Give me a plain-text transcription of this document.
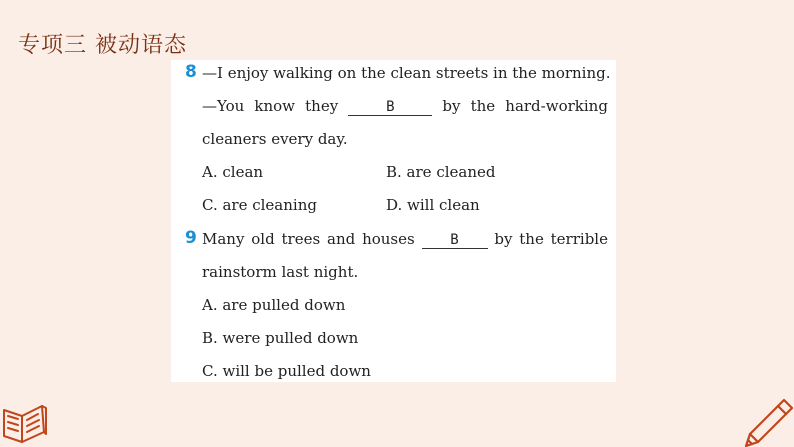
专项三 被动语态
8 —I enjoy walking on the clean streets in the morning.
—You know they	B	by the hard-working
cleaners every day.
A. clean	B. are cleaned
C. are cleaning	D. will clean
9 Many old trees and houses	B	by the terrible
rainstorm last night.
A. are pulled down
B. were pulled down
C. will be pulled down
